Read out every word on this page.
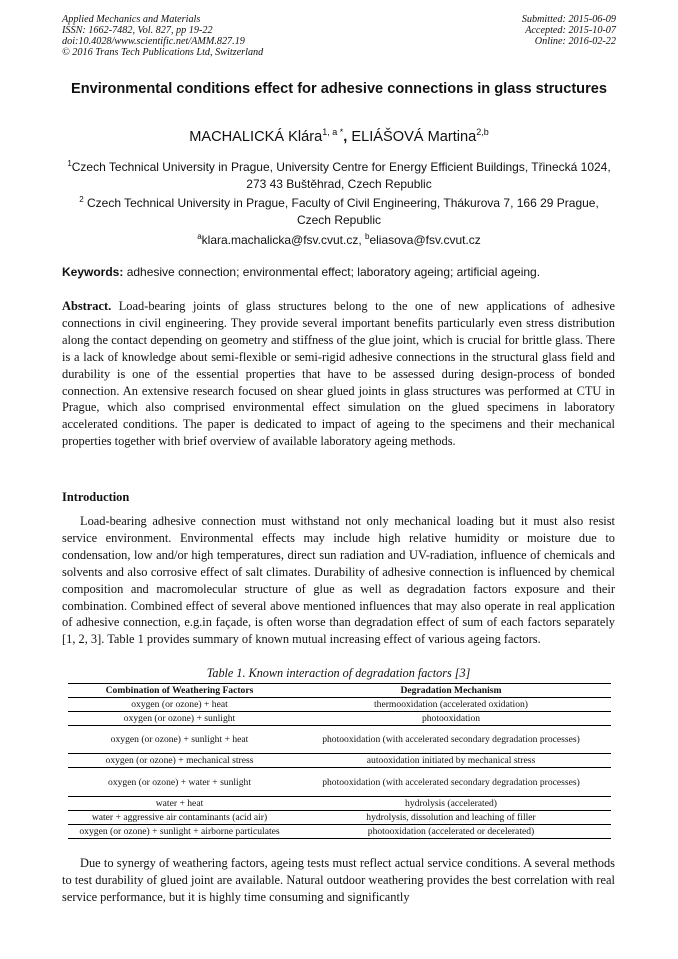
Applied Mechanics and Materials
ISSN: 1662-7482, Vol. 827, pp 19-22
doi:10.4028/www.scientific.net/AMM.827.19
© 2016 Trans Tech Publications Ltd, Switzerland
Submitted: 2015-06-09
Accepted: 2015-10-07
Online: 2016-02-22
Environmental conditions effect for adhesive connections in glass structures
MACHALICKÁ Klára$^{1, a *}$, ELIÁŠOVÁ Martina$^{2,b}$
$^1$Czech Technical University in Prague, University Centre for Energy Efficient Buildings, Třinecká 1024, 273 43 Buštěhrad, Czech Republic
$^2$ Czech Technical University in Prague, Faculty of Civil Engineering, Thákurova 7, 166 29 Prague, Czech Republic
$^a$klara.machalicka@fsv.cvut.cz, $^b$eliasova@fsv.cvut.cz
Keywords: adhesive connection; environmental effect; laboratory ageing; artificial ageing.
Abstract. Load-bearing joints of glass structures belong to the one of new applications of adhesive connections in civil engineering. They provide several important benefits particularly even stress distribution along the contact depending on geometry and stiffness of the glue joint, which is crucial for brittle glass. There is a lack of knowledge about semi-flexible or semi-rigid adhesive connections in the structural glass field and durability is one of the essential properties that have to be assessed during design-process of bonded connection. An extensive research focused on shear glued joints in glass structures was performed at CTU in Prague, which also comprised environmental effect simulation on the glued specimens in laboratory accelerated conditions. The paper is dedicated to impact of ageing to the specimens and their mechanical properties together with brief overview of available laboratory ageing methods.
Introduction
Load-bearing adhesive connection must withstand not only mechanical loading but it must also resist service environment. Environmental effects may include high relative humidity or moisture due to condensation, low and/or high temperatures, direct sun radiation and UV-radiation, influence of chemicals and solvents and also corrosive effect of salt climates. Durability of adhesive connection is influenced by chemical composition and macromolecular structure of glue as well as degradation factors exposure and their combination. Combined effect of several above mentioned influences that may also operate in real application of adhesive connection, e.g.in façade, is often worse than degradation effect of sum of each factors separately [1, 2, 3]. Table 1 provides summary of known mutual increasing effect of various ageing factors.
Table 1. Known interaction of degradation factors [3]
Combination of Weathering Factors	Degradation Mechanism
oxygen (or ozone) + heat	thermooxidation (accelerated oxidation)
oxygen (or ozone) + sunlight	photooxidation
oxygen (or ozone) + sunlight + heat	photooxidation (with accelerated secondary degradation processes)
oxygen (or ozone) + mechanical stress	autooxidation initiated by mechanical stress
oxygen (or ozone) + water + sunlight	photooxidation (with accelerated secondary degradation processes)
water + heat	hydrolysis (accelerated)
water + aggressive air contaminants (acid air)	hydrolysis, dissolution and leaching of filler
oxygen (or ozone) + sunlight + airborne particulates	photooxidation (accelerated or decelerated)
Due to synergy of weathering factors, ageing tests must reflect actual service conditions. A several methods to test durability of glued joint are available. Natural outdoor weathering provides the best correlation with real service performance, but it is highly time consuming and significantly
